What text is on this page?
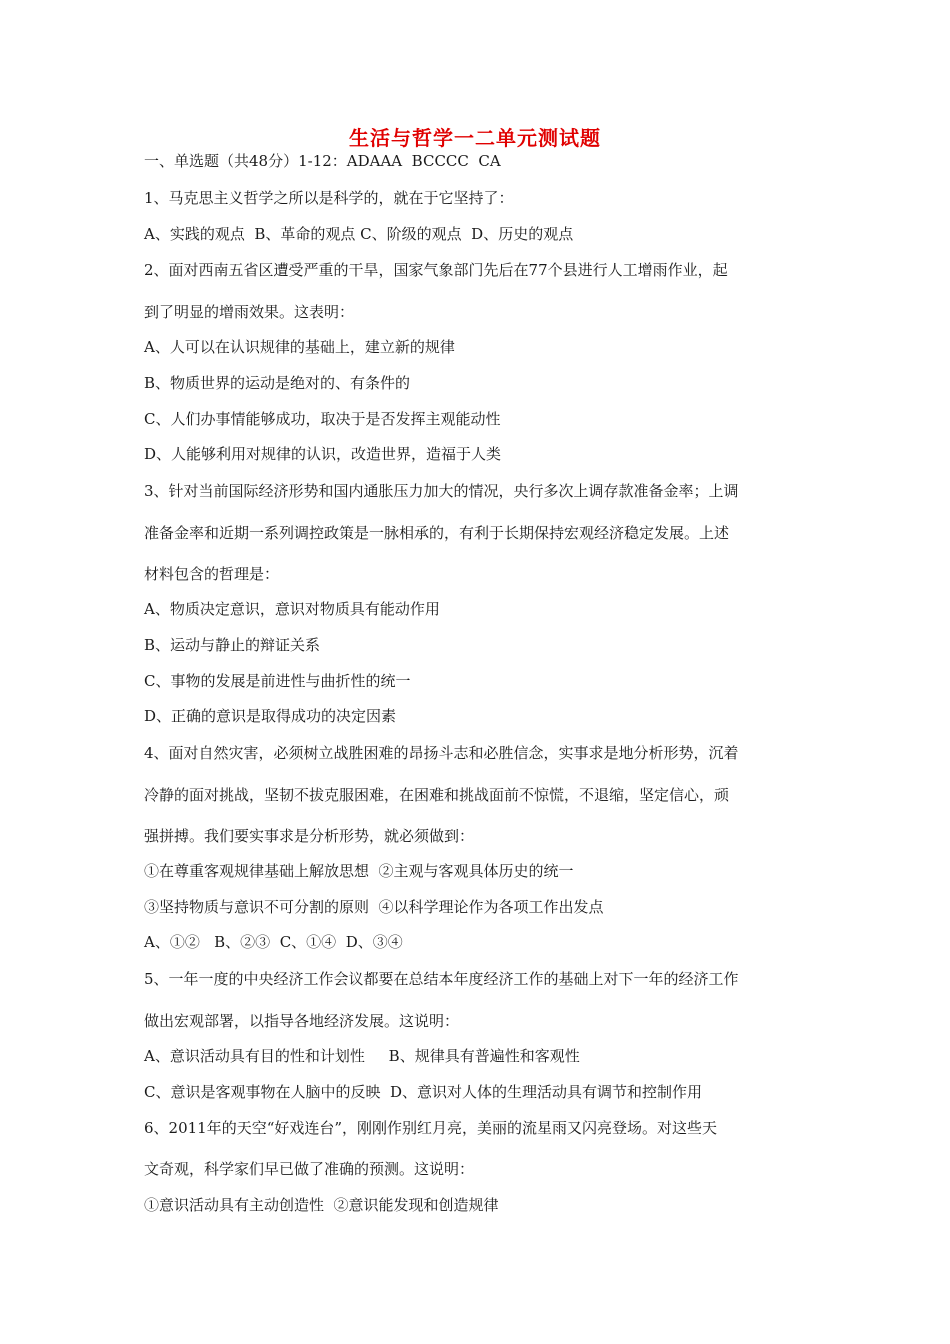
生活与哲学一二单元测试题
一、单选题（共48分）1-12：ADAAA  BCCCC  CA
1、马克思主义哲学之所以是科学的，就在于它坚持了：
A、实践的观点  B、革命的观点 C、阶级的观点  D、历史的观点
2、面对西南五省区遭受严重的干旱，国家气象部门先后在77个县进行人工增雨作业，起
到了明显的增雨效果。这表明：
A、人可以在认识规律的基础上，建立新的规律
B、物质世界的运动是绝对的、有条件的
C、人们办事情能够成功，取决于是否发挥主观能动性
D、人能够利用对规律的认识，改造世界，造福于人类
3、针对当前国际经济形势和国内通胀压力加大的情况，央行多次上调存款准备金率；上调
准备金率和近期一系列调控政策是一脉相承的，有利于长期保持宏观经济稳定发展。上述
材料包含的哲理是：
A、物质决定意识，意识对物质具有能动作用
B、运动与静止的辩证关系
C、事物的发展是前进性与曲折性的统一
D、正确的意识是取得成功的决定因素
4、面对自然灾害，必须树立战胜困难的昂扬斗志和必胜信念，实事求是地分析形势，沉着
冷静的面对挑战，坚韧不拔克服困难，在困难和挑战面前不惊慌，不退缩，坚定信心，顽
强拼搏。我们要实事求是分析形势，就必须做到：
①在尊重客观规律基础上解放思想  ②主观与客观具体历史的统一
③坚持物质与意识不可分割的原则  ④以科学理论作为各项工作出发点
A、①②   B、②③  C、①④  D、③④
5、一年一度的中央经济工作会议都要在总结本年度经济工作的基础上对下一年的经济工作
做出宏观部署，以指导各地经济发展。这说明：
A、意识活动具有目的性和计划性     B、规律具有普遍性和客观性
C、意识是客观事物在人脑中的反映  D、意识对人体的生理活动具有调节和控制作用
6、2011年的天空“好戏连台”，刚刚作别红月亮，美丽的流星雨又闪亮登场。对这些天
文奇观，科学家们早已做了准确的预测。这说明：
①意识活动具有主动创造性  ②意识能发现和创造规律
